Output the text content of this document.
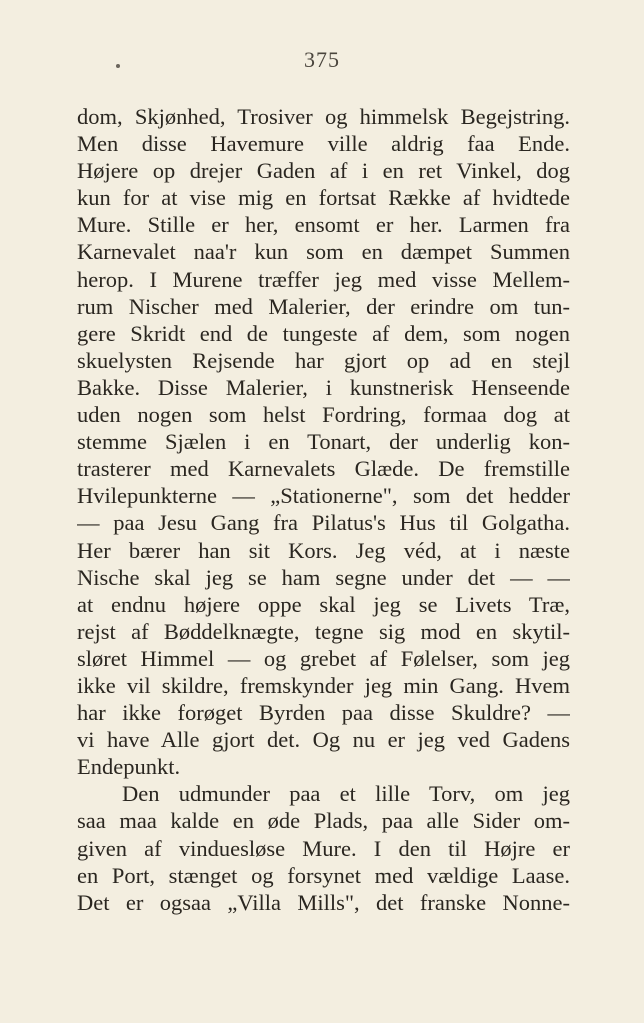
375
dom, Skjønhed, Trosiver og himmelsk Begejstring.
Men disse Havemure ville aldrig faa Ende.
Højere op drejer Gaden af i en ret Vinkel, dog
kun for at vise mig en fortsat Række af hvidtede
Mure. Stille er her, ensomt er her. Larmen fra
Karnevalet naa'r kun som en dæmpet Summen
herop. I Murene træffer jeg med visse Mellem-
rum Nischer med Malerier, der erindre om tun-
gere Skridt end de tungeste af dem, som nogen
skuelysten Rejsende har gjort op ad en stejl
Bakke. Disse Malerier, i kunstnerisk Henseende
uden nogen som helst Fordring, formaa dog at
stemme Sjælen i en Tonart, der underlig kon-
trasterer med Karnevalets Glæde. De fremstille
Hvilepunkterne — „Stationerne", som det hedder
— paa Jesu Gang fra Pilatus's Hus til Golgatha.
Her bærer han sit Kors. Jeg véd, at i næste
Nische skal jeg se ham segne under det — —
at endnu højere oppe skal jeg se Livets Træ,
rejst af Bøddelknægte, tegne sig mod en skytil-
sløret Himmel — og grebet af Følelser, som jeg
ikke vil skildre, fremskynder jeg min Gang. Hvem
har ikke forøget Byrden paa disse Skuldre? —
vi have Alle gjort det. Og nu er jeg ved Gadens
Endepunkt.
Den udmunder paa et lille Torv, om jeg
saa maa kalde en øde Plads, paa alle Sider om-
given af vinduesløse Mure. I den til Højre er
en Port, stænget og forsynet med vældige Laase.
Det er ogsaa „Villa Mills", det franske Nonne-
